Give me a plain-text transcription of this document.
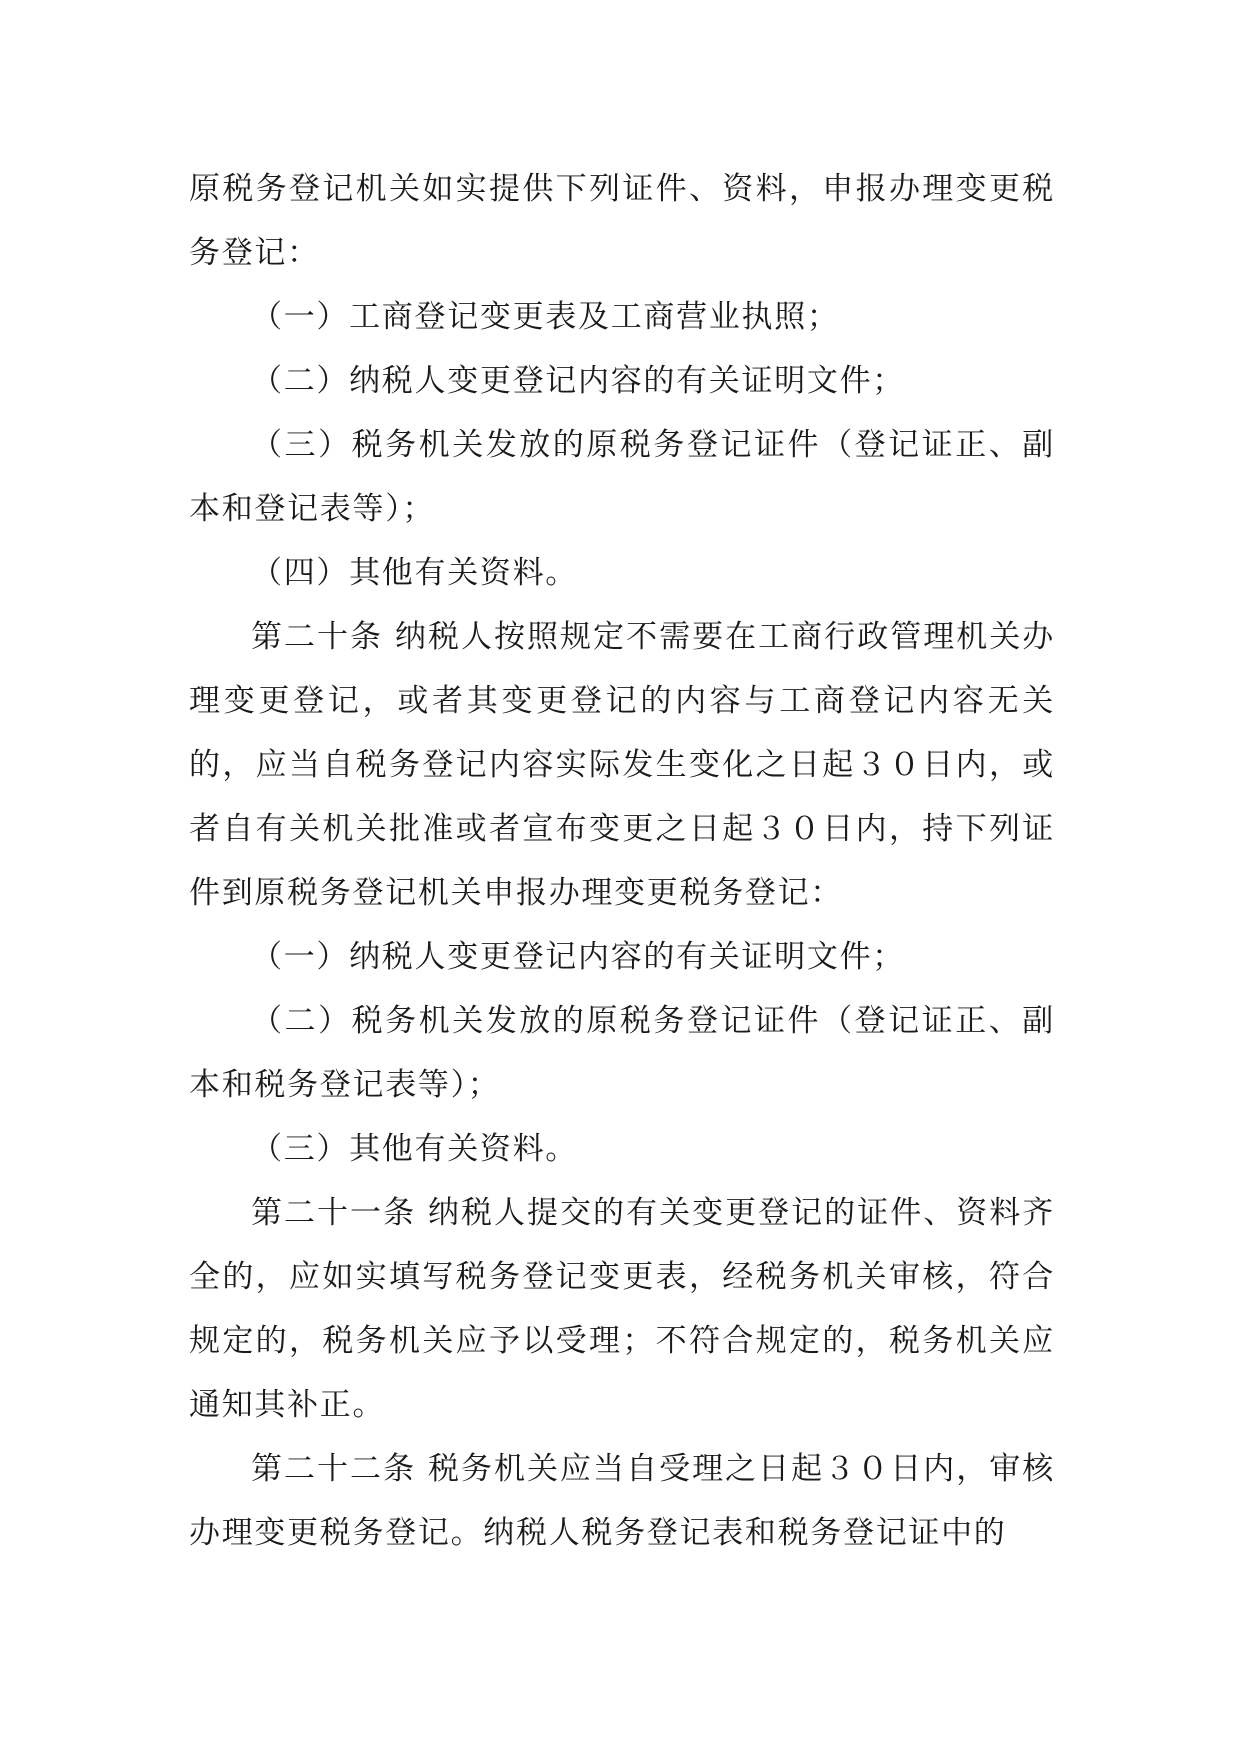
原税务登记机关如实提供下列证件、资料，申报办理变更税务登记：

（一）工商登记变更表及工商营业执照；

（二）纳税人变更登记内容的有关证明文件；

（三）税务机关发放的原税务登记证件（登记证正、副本和登记表等）；

（四）其他有关资料。

第二十条 纳税人按照规定不需要在工商行政管理机关办理变更登记，或者其变更登记的内容与工商登记内容无关的，应当自税务登记内容实际发生变化之日起３０日内，或者自有关机关批准或者宣布变更之日起３０日内，持下列证件到原税务登记机关申报办理变更税务登记：

（一）纳税人变更登记内容的有关证明文件；

（二）税务机关发放的原税务登记证件（登记证正、副本和税务登记表等）；

（三）其他有关资料。

第二十一条 纳税人提交的有关变更登记的证件、资料齐全的，应如实填写税务登记变更表，经税务机关审核，符合规定的，税务机关应予以受理；不符合规定的，税务机关应通知其补正。

第二十二条 税务机关应当自受理之日起３０日内，审核办理变更税务登记。纳税人税务登记表和税务登记证中的
